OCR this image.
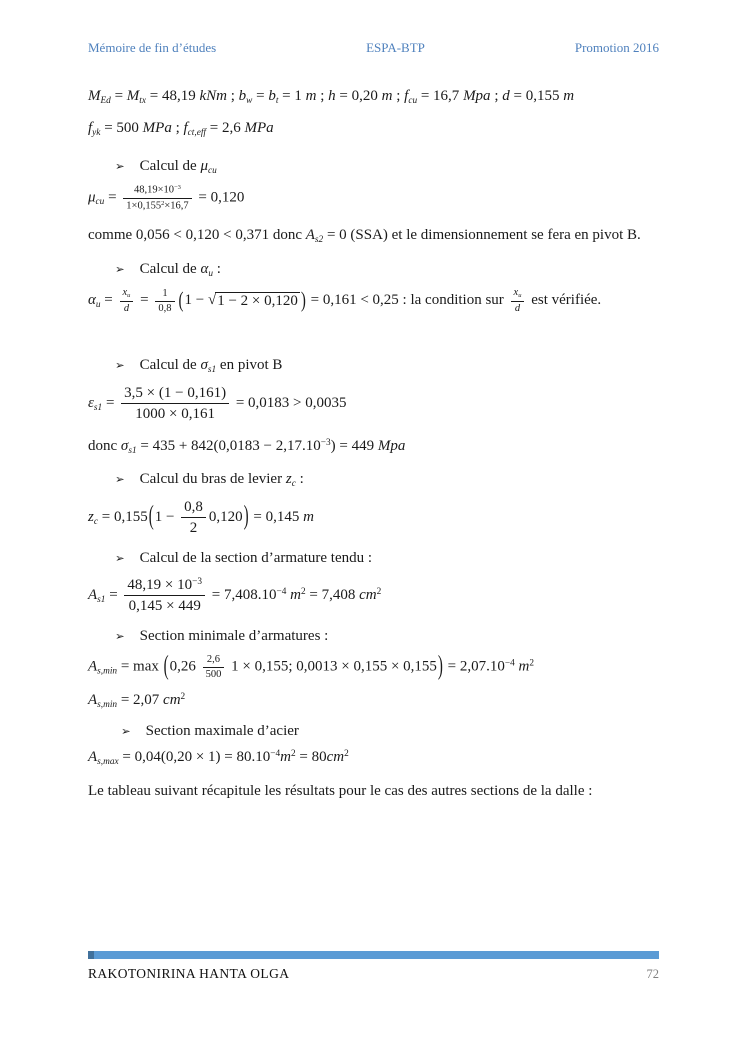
Mémoire de fin d’études	ESPA-BTP	Promotion 2016

MEd = Mtx = 48,19 kNm ; bw = bt = 1 m ; h = 0,20 m ; fcu = 16,7 Mpa ; d = 0,155 m
fyk = 500 MPa ; fct,eff = 2,6 MPa

➢ Calcul de μcu
$\mu cu = \frac{48,19\times 10^{-3}}{1\times 0,155^2\times 16,7} = 0,120$

comme 0,056 < 0,120 < 0,371 donc As2 = 0 (SSA) et le dimensionnement se fera en pivot B.

➢ Calcul de αu :
$\alpha u = \frac{xu}{d} = \frac{1}{0,8} (1$ − √ 1 − 2 × 0,120 ) = 0,161 < 0,25 : la condition sur $\frac{xu}{d}$ est vérifiée.
➢ Calcul de σs1 en pivot B
$\varepsilon s1 = \frac{3,5 \times (1 - 0,161)}{1000 \times 0,161} = 0,0183 > 0,0035$

donc $\sigma s1 = 435 + 842(0,0183 - 2,17.10^{-3}) = 449$ Mpa

➢ Calcul du bras de levier zc :
zc = $0,155(1 - \frac{0,8}{2} 0,120) = 0,145$ m
➢ Calcul de la section d’armature tendu :
$As1 = \frac{48,19 \times 10^{-3}}{0,145 \times 449} = 7,408.10^{-4}$ $m^2 = 7,408$ $cm^2$
➢ Section minimale d’armatures :
$As,\min = \max (0,26 \frac{2,6}{500} 1 \times 0,155$; $0,0013 \times 0,155 \times 0,155) = 2,07.10^{-4}$ $m^2$
As,min = 2,07 $cm^2$
➢ Section maximale d’acier
$As,\max = 0,04(0,20 \times 1) = 80.10^{-4}m^2 = 80cm^2$

Le tableau suivant récapitule les résultats pour le cas des autres sections de la dalle :

RAKOTONIRINA HANTA OLGA	72
